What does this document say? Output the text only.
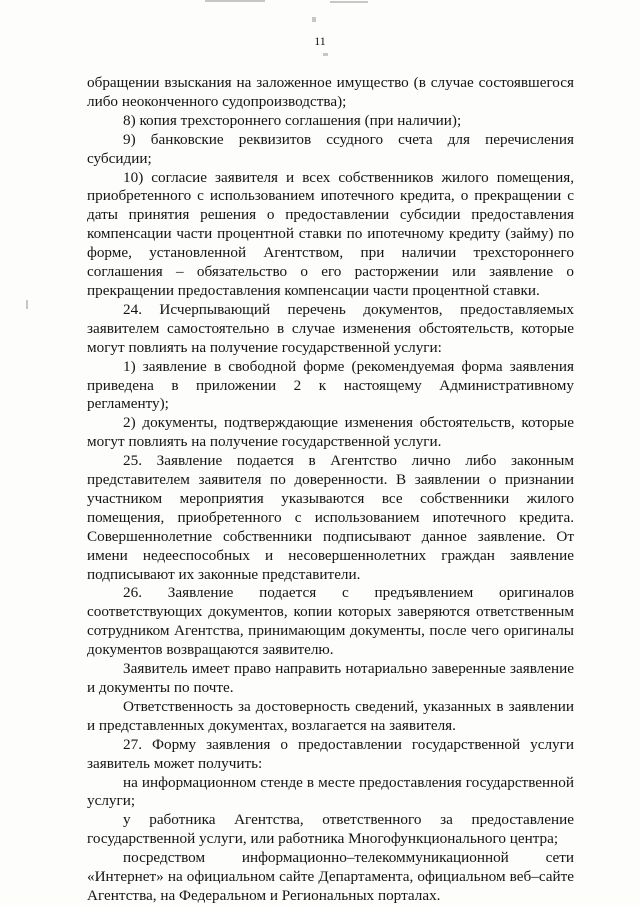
11

обращении взыскания на заложенное имущество (в случае состоявшегося либо неоконченного судопроизводства);

8) копия трехстороннего соглашения (при наличии);

9) банковские реквизитов ссудного счета для перечисления субсидии;

10) согласие заявителя и всех собственников жилого помещения, приобретенного с использованием ипотечного кредита, о прекращении с даты принятия решения о предоставлении субсидии предоставления компенсации части процентной ставки по ипотечному кредиту (займу) по форме, установленной Агентством, при наличии трехстороннего соглашения – обязательство о его расторжении или заявление о прекращении предоставления компенсации части процентной ставки.

24. Исчерпывающий перечень документов, предоставляемых заявителем самостоятельно в случае изменения обстоятельств, которые могут повлиять на получение государственной услуги:

1) заявление в свободной форме (рекомендуемая форма заявления приведена в приложении 2 к настоящему Административному регламенту);

2) документы, подтверждающие изменения обстоятельств, которые могут повлиять на получение государственной услуги.

25. Заявление подается в Агентство лично либо законным представителем заявителя по доверенности. В заявлении о признании участником мероприятия указываются все собственники жилого помещения, приобретенного с использованием ипотечного кредита. Совершеннолетние собственники подписывают данное заявление. От имени недееспособных и несовершеннолетних граждан заявление подписывают их законные представители.

26. Заявление подается с предъявлением оригиналов соответствующих документов, копии которых заверяются ответственным сотрудником Агентства, принимающим документы, после чего оригиналы документов возвращаются заявителю.

Заявитель имеет право направить нотариально заверенные заявление и документы по почте.

Ответственность за достоверность сведений, указанных в заявлении и представленных документах, возлагается на заявителя.

27. Форму заявления о предоставлении государственной услуги заявитель может получить:

на информационном стенде в месте предоставления государственной услуги;

у работника Агентства, ответственного за предоставление государственной услуги, или работника Многофункционального центра;

посредством информационно–телекоммуникационной сети «Интернет» на официальном сайте Департамента, официальном веб–сайте Агентства, на Федеральном и Региональных порталах.
